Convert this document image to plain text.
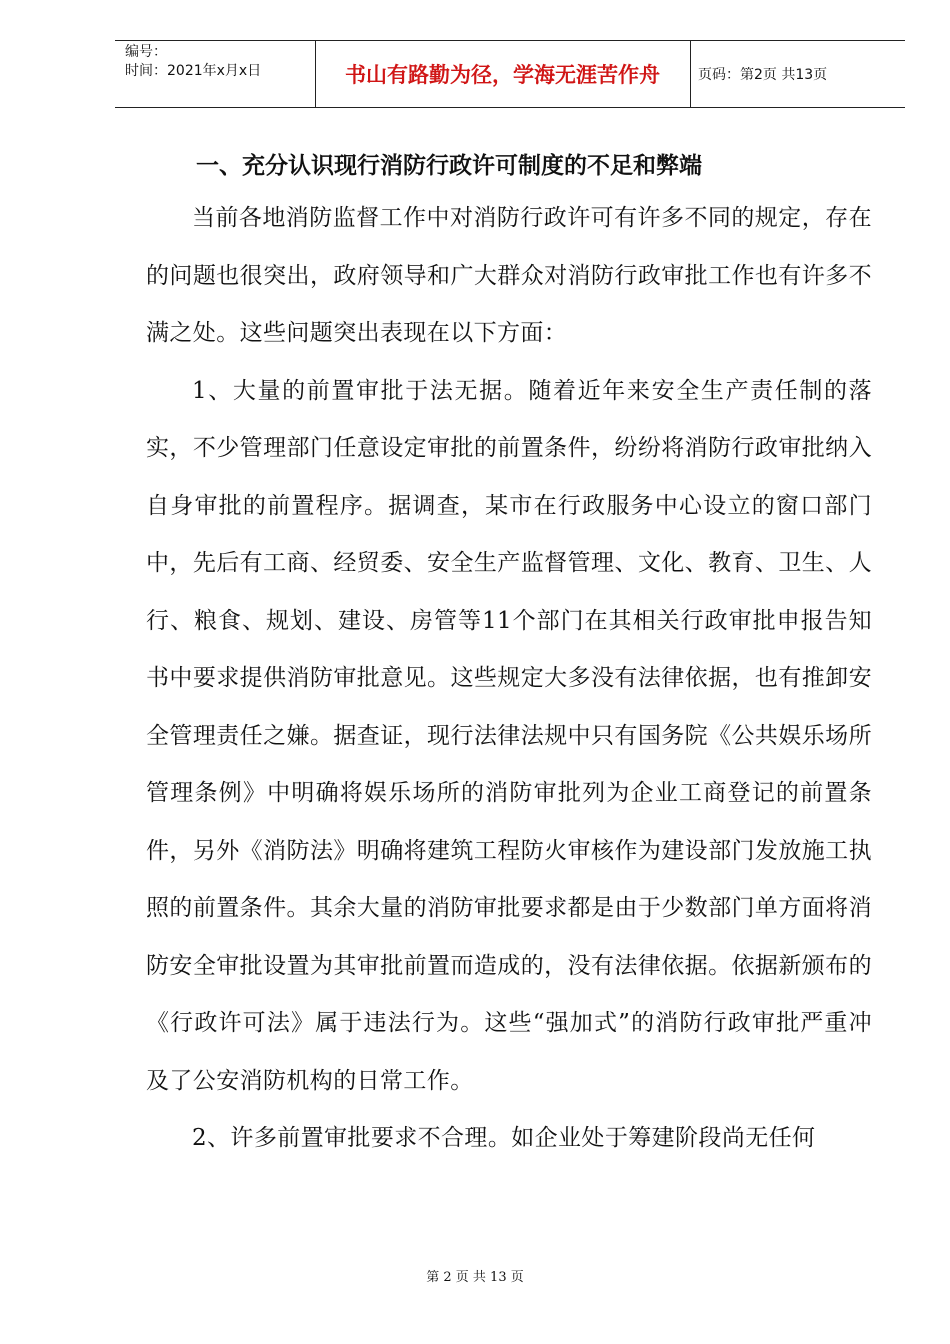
编号：
时间：2021年x月x日	书山有路勤为径，学海无涯苦作舟	页码：第2页 共13页
一、充分认识现行消防行政许可制度的不足和弊端

当前各地消防监督工作中对消防行政许可有许多不同的规定，存在的问题也很突出，政府领导和广大群众对消防行政审批工作也有许多不满之处。这些问题突出表现在以下方面：

1、大量的前置审批于法无据。随着近年来安全生产责任制的落实，不少管理部门任意设定审批的前置条件，纷纷将消防行政审批纳入自身审批的前置程序。据调查，某市在行政服务中心设立的窗口部门中，先后有工商、经贸委、安全生产监督管理、文化、教育、卫生、人行、粮食、规划、建设、房管等11个部门在其相关行政审批申报告知书中要求提供消防审批意见。这些规定大多没有法律依据，也有推卸安全管理责任之嫌。据查证，现行法律法规中只有国务院《公共娱乐场所管理条例》中明确将娱乐场所的消防审批列为企业工商登记的前置条件，另外《消防法》明确将建筑工程防火审核作为建设部门发放施工执照的前置条件。其余大量的消防审批要求都是由于少数部门单方面将消防安全审批设置为其审批前置而造成的，没有法律依据。依据新颁布的《行政许可法》属于违法行为。这些“强加式”的消防行政审批严重冲及了公安消防机构的日常工作。

2、许多前置审批要求不合理。如企业处于筹建阶段尚无任何

第 2 页 共 13 页
